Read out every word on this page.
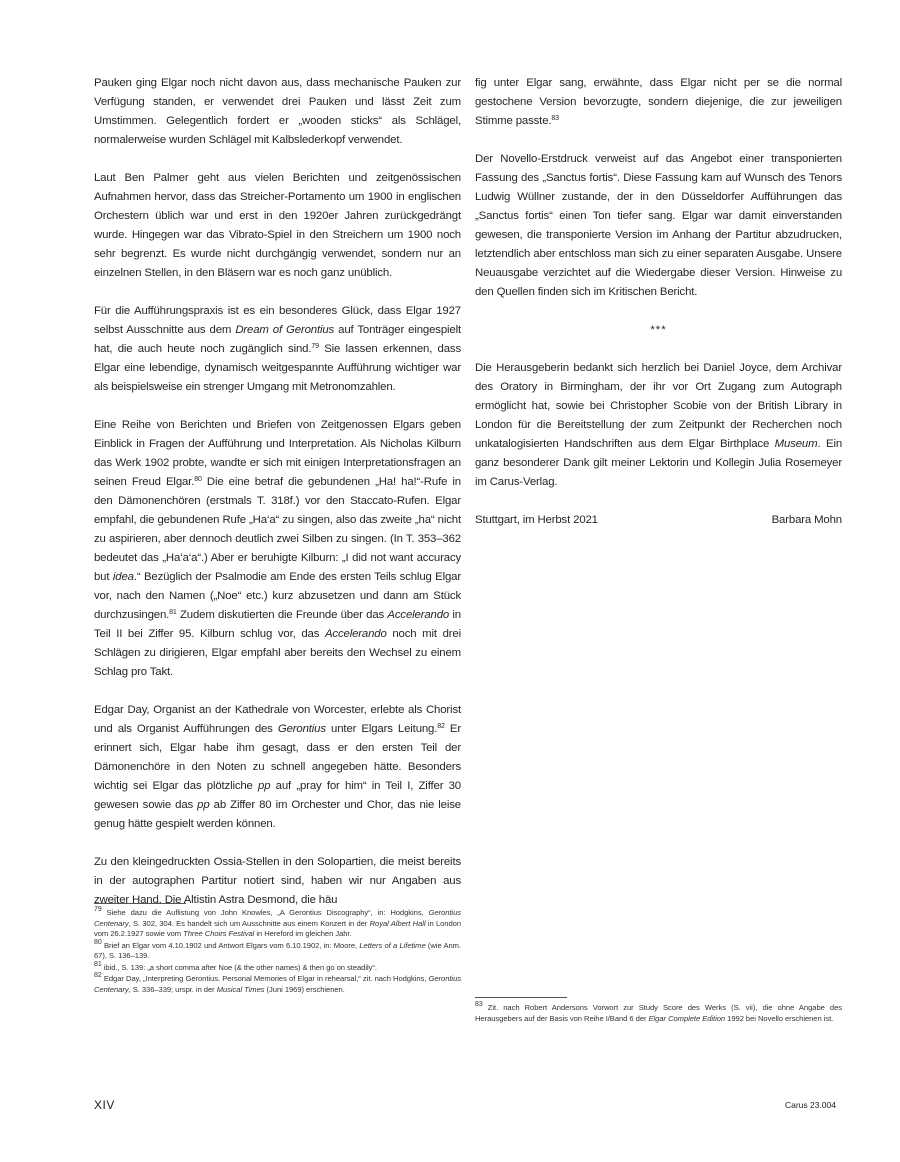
Pauken ging Elgar noch nicht davon aus, dass mechanische Pauken zur Verfügung standen, er verwendet drei Pauken und lässt Zeit zum Umstimmen. Gelegentlich fordert er „wooden sticks“ als Schlägel, normalerweise wurden Schlägel mit Kalbslederkopf verwendet.

Laut Ben Palmer geht aus vielen Berichten und zeitgenössischen Aufnahmen hervor, dass das Streicher-Portamento um 1900 in englischen Orchestern üblich war und erst in den 1920er Jahren zurückgedrängt wurde. Hingegen war das Vibrato-Spiel in den Streichern um 1900 noch sehr begrenzt. Es wurde nicht durchgängig verwendet, sondern nur an einzelnen Stellen, in den Bläsern war es noch ganz unüblich.

Für die Aufführungspraxis ist es ein besonderes Glück, dass Elgar 1927 selbst Ausschnitte aus dem Dream of Gerontius auf Tonträger eingespielt hat, die auch heute noch zugänglich sind.$^{79}$ Sie lassen erkennen, dass Elgar eine lebendige, dynamisch weitgespannte Aufführung wichtiger war als beispielsweise ein strenger Umgang mit Metronomzahlen.

Eine Reihe von Berichten und Briefen von Zeitgenossen Elgars geben Einblick in Fragen der Aufführung und Interpretation. Als Nicholas Kilburn das Werk 1902 probte, wandte er sich mit einigen Interpretationsfragen an seinen Freud Elgar.$^{80}$ Die eine betraf die gebundenen „Ha! ha!“-Rufe in den Dämonenchören (erstmals T. 318f.) vor den Staccato-Rufen. Elgar empfahl, die gebundenen Rufe „Ha‘a“ zu singen, also das zweite „ha“ nicht zu aspirieren, aber dennoch deutlich zwei Silben zu singen. (In T. 353–362 bedeutet das „Ha‘a‘a“.) Aber er beruhigte Kilburn: „I did not want accuracy but idea.“ Bezüglich der Psalmodie am Ende des ersten Teils schlug Elgar vor, nach den Namen („Noe“ etc.) kurz abzusetzen und dann am Stück durchzusingen.$^{81}$ Zudem diskutierten die Freunde über das Accelerando in Teil II bei Ziffer 95. Kilburn schlug vor, das Accelerando noch mit drei Schlägen zu dirigieren, Elgar empfahl aber bereits den Wechsel zu einem Schlag pro Takt.

Edgar Day, Organist an der Kathedrale von Worcester, erlebte als Chorist und als Organist Aufführungen des Gerontius unter Elgars Leitung.$^{82}$ Er erinnert sich, Elgar habe ihm gesagt, dass er den ersten Teil der Dämonenchöre in den Noten zu schnell angegeben hätte. Besonders wichtig sei Elgar das plötzliche pp auf „pray for him“ in Teil I, Ziffer 30 gewesen sowie das pp ab Ziffer 80 im Orchester und Chor, das nie leise genug hätte gespielt werden können.

Zu den kleingedruckten Ossia-Stellen in den Solopartien, die meist bereits in der autographen Partitur notiert sind, haben wir nur Angaben aus zweiter Hand. Die Altistin Astra Desmond, die häu

fig unter Elgar sang, erwähnte, dass Elgar nicht per se die normal gestochene Version bevorzugte, sondern diejenige, die zur jeweiligen Stimme passte.$^{83}$

Der Novello-Erstdruck verweist auf das Angebot einer transponierten Fassung des „Sanctus fortis“. Diese Fassung kam auf Wunsch des Tenors Ludwig Wüllner zustande, der in den Düsseldorfer Aufführungen das „Sanctus fortis“ einen Ton tiefer sang. Elgar war damit einverstanden gewesen, die transponierte Version im Anhang der Partitur abzudrucken, letztendlich aber entschloss man sich zu einer separaten Ausgabe. Unsere Neuausgabe verzichtet auf die Wiedergabe dieser Version. Hinweise zu den Quellen finden sich im Kritischen Bericht.

***

Die Herausgeberin bedankt sich herzlich bei Daniel Joyce, dem Archivar des Oratory in Birmingham, der ihr vor Ort Zugang zum Autograph ermöglicht hat, sowie bei Christopher Scobie von der British Library in London für die Bereitstellung der zum Zeitpunkt der Recherchen noch unkatalogisierten Handschriften aus dem Elgar Birthplace Museum. Ein ganz besonderer Dank gilt meiner Lektorin und Kollegin Julia Rosemeyer im Carus-Verlag.

Stuttgart, im Herbst 2021	Barbara Mohn

$^{79}$ Siehe dazu die Auflistung von John Knowles, „A Gerontius Discography“, in: Hodgkins, Gerontius Centenary, S. 302, 304. Es handelt sich um Ausschnitte aus einem Konzert in der Royal Albert Hall in London vom 26.2.1927 sowie vom Three Choirs Festival in Hereford im gleichen Jahr.

$^{80}$ Brief an Elgar vom 4.10.1902 und Antwort Elgars vom 6.10.1902, in: Moore, Letters of a Lifetime (wie Anm. 67), S. 136–139.

$^{81}$ ibid., S. 139: „a short comma after Noe (& the other names) & then go on steadily“.

$^{82}$ Edgar Day, „Interpreting Gerontius. Personal Memories of Elgar in rehearsal,“ zit. nach Hodgkins, Gerontius Centenary, S. 336–339; urspr. in der Musical Times (Juni 1969) erschienen.

$^{83}$ Zit. nach Robert Andersons Vorwort zur Study Score des Werks (S. vii), die ohne Angabe des Herausgebers auf der Basis von Reihe I/Band 6 der Elgar Complete Edition 1992 bei Novello erschienen ist.

XIV	Carus 23.004
